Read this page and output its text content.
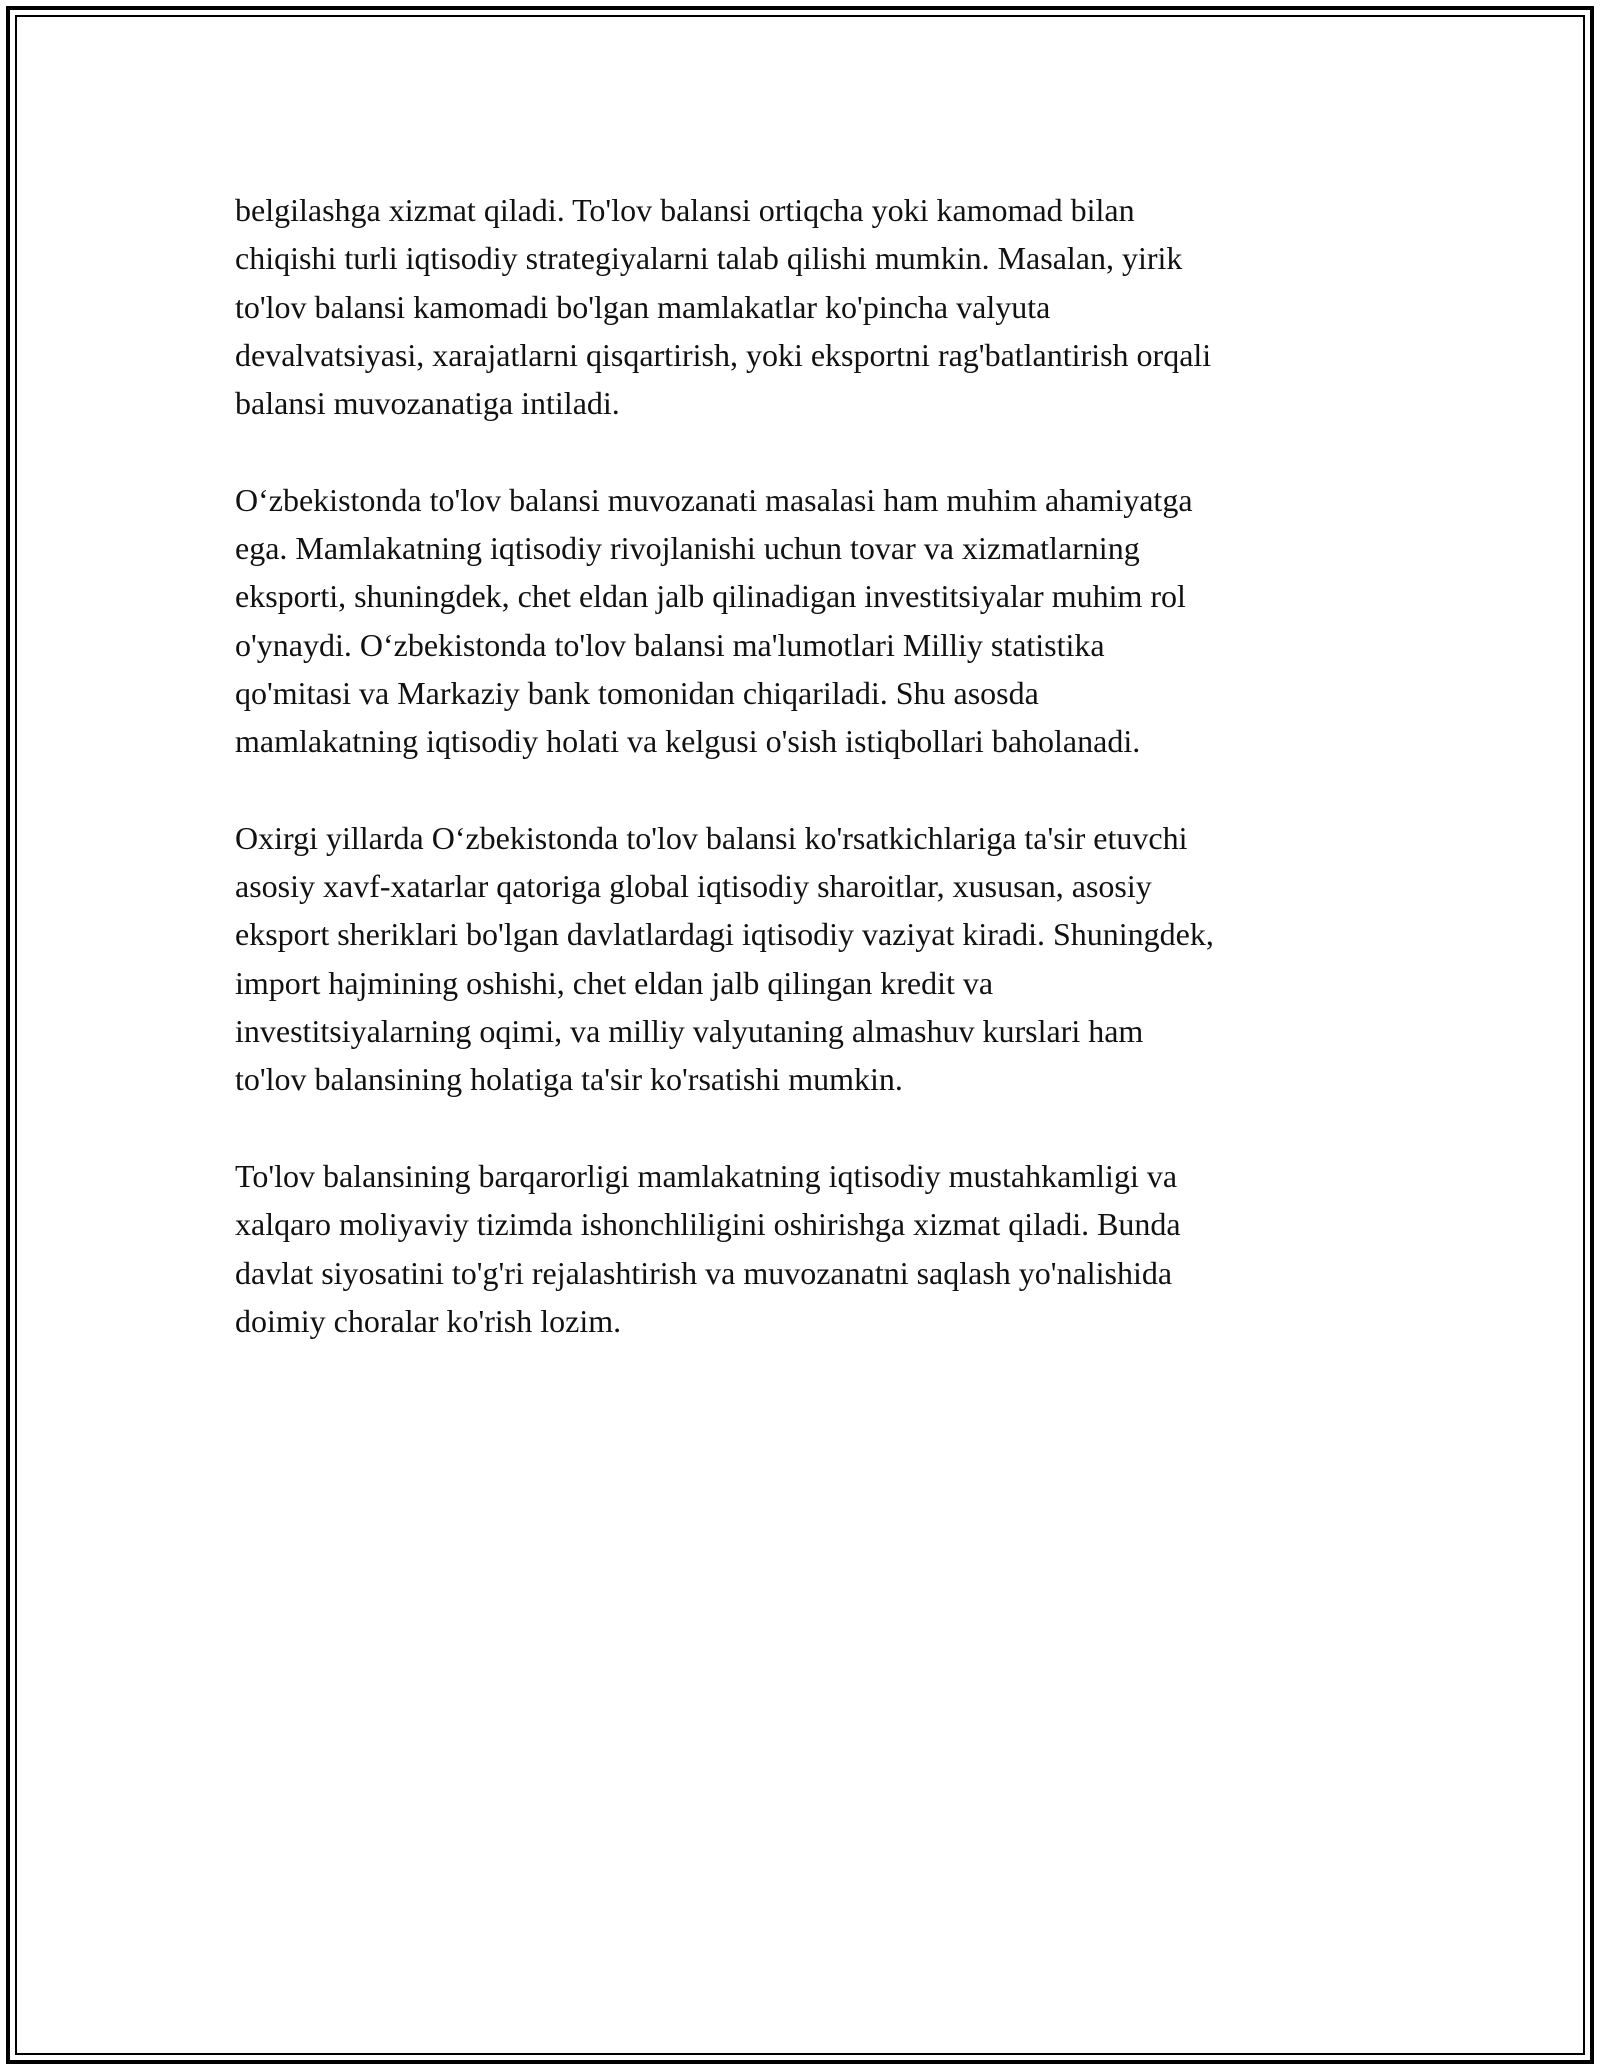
belgilashga xizmat qiladi. To'lov balansi ortiqcha yoki kamomad bilan
chiqishi turli iqtisodiy strategiyalarni talab qilishi mumkin. Masalan, yirik
to'lov balansi kamomadi bo'lgan mamlakatlar ko'pincha valyuta
devalvatsiyasi, xarajatlarni qisqartirish, yoki eksportni rag'batlantirish orqali
balansi muvozanatiga intiladi.

O‘zbekistonda to'lov balansi muvozanati masalasi ham muhim ahamiyatga
ega. Mamlakatning iqtisodiy rivojlanishi uchun tovar va xizmatlarning
eksporti, shuningdek, chet eldan jalb qilinadigan investitsiyalar muhim rol
o'ynaydi. O‘zbekistonda to'lov balansi ma'lumotlari Milliy statistika
qo'mitasi va Markaziy bank tomonidan chiqariladi. Shu asosda
mamlakatning iqtisodiy holati va kelgusi o'sish istiqbollari baholanadi.

Oxirgi yillarda O‘zbekistonda to'lov balansi ko'rsatkichlariga ta'sir etuvchi
asosiy xavf-xatarlar qatoriga global iqtisodiy sharoitlar, xususan, asosiy
eksport sheriklari bo'lgan davlatlardagi iqtisodiy vaziyat kiradi. Shuningdek,
import hajmining oshishi, chet eldan jalb qilingan kredit va
investitsiyalarning oqimi, va milliy valyutaning almashuv kurslari ham
to'lov balansining holatiga ta'sir ko'rsatishi mumkin.

To'lov balansining barqarorligi mamlakatning iqtisodiy mustahkamligi va
xalqaro moliyaviy tizimda ishonchliligini oshirishga xizmat qiladi. Bunda
davlat siyosatini to'g'ri rejalashtirish va muvozanatni saqlash yo'nalishida
doimiy choralar ko'rish lozim.
